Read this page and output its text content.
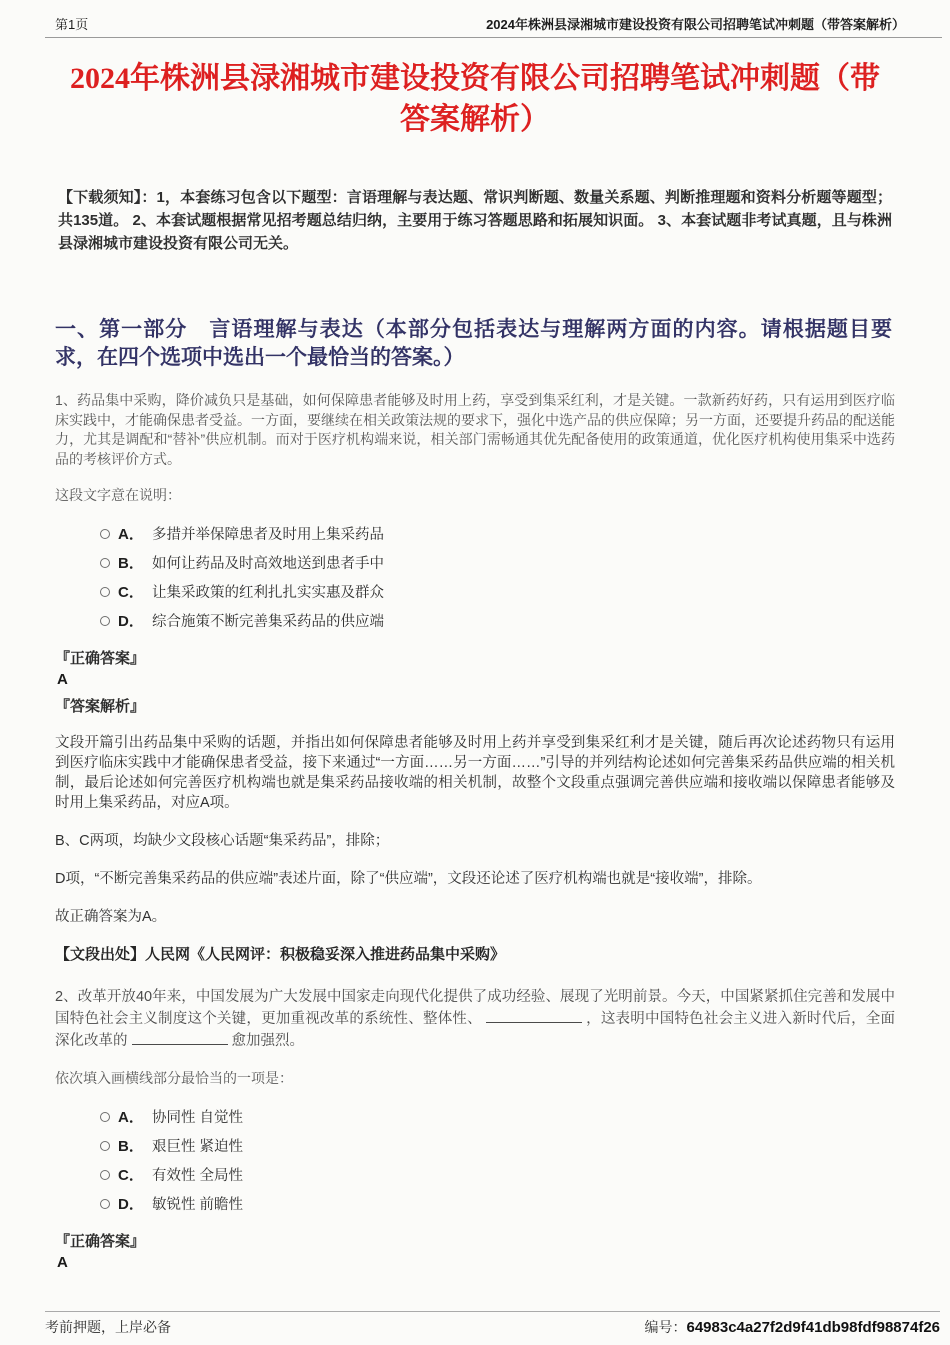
第1页	2024年株洲县渌湘城市建设投资有限公司招聘笔试冲刺题（带答案解析）
2024年株洲县渌湘城市建设投资有限公司招聘笔试冲刺题（带答案解析）

【下载须知】：1，本套练习包含以下题型：言语理解与表达题、常识判断题、数量关系题、判断推理题和资料分析题等题型；共135道。 2、本套试题根据常见招考题总结归纳，主要用于练习答题思路和拓展知识面。 3、本套试题非考试真题，且与株洲县渌湘城市建设投资有限公司无关。

一、第一部分　言语理解与表达（本部分包括表达与理解两方面的内容。请根据题目要求，在四个选项中选出一个最恰当的答案。）

1、药品集中采购，降价减负只是基础，如何保障患者能够及时用上药，享受到集采红利，才是关键。一款新药好药，只有运用到医疗临床实践中，才能确保患者受益。一方面，要继续在相关政策法规的要求下，强化中选产品的供应保障；另一方面，还要提升药品的配送能力，尤其是调配和“替补”供应机制。而对于医疗机构端来说，相关部门需畅通其优先配备使用的政策通道，优化医疗机构使用集采中选药品的考核评价方式。

这段文字意在说明：

A． 多措并举保障患者及时用上集采药品
B． 如何让药品及时高效地送到患者手中
C． 让集采政策的红利扎扎实实惠及群众
D． 综合施策不断完善集采药品的供应端
『正确答案』
A
『答案解析』

文段开篇引出药品集中采购的话题，并指出如何保障患者能够及时用上药并享受到集采红利才是关键，随后再次论述药物只有运用到医疗临床实践中才能确保患者受益，接下来通过“一方面……另一方面……”引导的并列结构论述如何完善集采药品供应端的相关机制，最后论述如何完善医疗机构端也就是集采药品接收端的相关机制，故整个文段重点强调完善供应端和接收端以保障患者能够及时用上集采药品，对应A项。

B、C两项，均缺少文段核心话题“集采药品”，排除；

D项，“不断完善集采药品的供应端”表述片面，除了“供应端”，文段还论述了医疗机构端也就是“接收端”，排除。

故正确答案为A。

【文段出处】人民网《人民网评：积极稳妥深入推进药品集中采购》

2、改革开放40年来，中国发展为广大发展中国家走向现代化提供了成功经验、展现了光明前景。今天，中国紧紧抓住完善和发展中国特色社会主义制度这个关键，更加重视改革的系统性、整体性、	，这表明中国特色社会主义进入新时代后，全面深化改革的	愈加强烈。

依次填入画横线部分最恰当的一项是：

A． 协同性 自觉性
B． 艰巨性 紧迫性
C． 有效性 全局性
D． 敏锐性 前瞻性
『正确答案』
A
考前押题，上岸必备	编号：64983c4a27f2d9f41db98fdf98874f26
